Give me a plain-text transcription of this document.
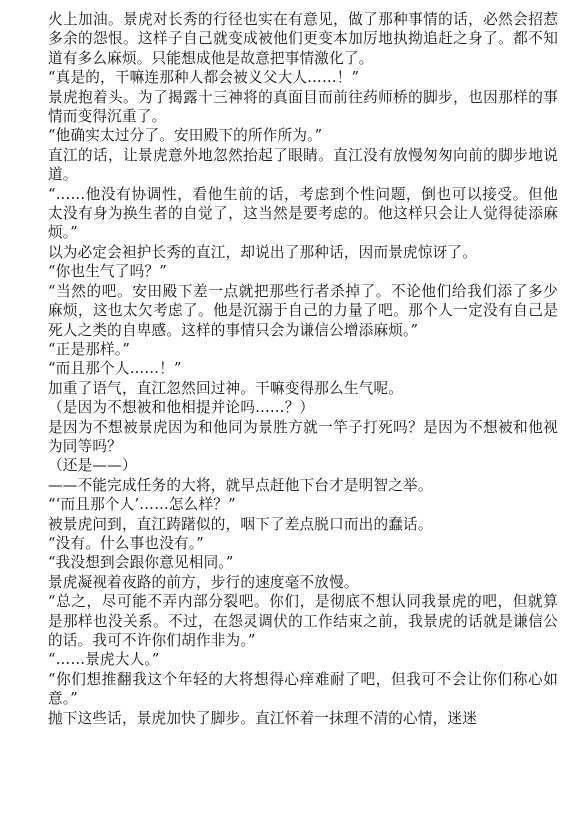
火上加油。景虎对长秀的行径也实在有意见，做了那种事情的话，必然会招惹多余的怨恨。这样子自己就变成被他们更变本加厉地执拗追赶之身了。都不知道有多么麻烦。只能想成他是故意把事情激化了。

“真是的，干嘛连那种人都会被义父大人……！”

景虎抱着头。为了揭露十三神将的真面目而前往药师桥的脚步，也因那样的事情而变得沉重了。

“他确实太过分了。安田殿下的所作所为。”

直江的话，让景虎意外地忽然抬起了眼睛。直江没有放慢匆匆向前的脚步地说道。

“……他没有协调性，看他生前的话，考虑到个性问题，倒也可以接受。但他太没有身为换生者的自觉了，这当然是要考虑的。他这样只会让人觉得徒添麻烦。”

以为必定会袒护长秀的直江，却说出了那种话，因而景虎惊讶了。

“你也生气了吗？”

“当然的吧。安田殿下差一点就把那些行者杀掉了。不论他们给我们添了多少麻烦，这也太欠考虑了。他是沉溺于自己的力量了吧。那个人一定没有自己是死人之类的自卑感。这样的事情只会为谦信公增添麻烦。”

“正是那样。”

“而且那个人……！”

加重了语气，直江忽然回过神。干嘛变得那么生气呢。

（是因为不想被和他相提并论吗……？）

是因为不想被景虎因为和他同为景胜方就一竿子打死吗？是因为不想被和他视为同等吗？

（还是——）

——不能完成任务的大将，就早点赶他下台才是明智之举。

“‘而且那个人’……怎么样？”

被景虎问到，直江踌躇似的，咽下了差点脱口而出的蠢话。

“没有。什么事也没有。”

“我没想到会跟你意见相同。”

景虎凝视着夜路的前方，步行的速度毫不放慢。

“总之，尽可能不弄内部分裂吧。你们，是彻底不想认同我景虎的吧，但就算是那样也没关系。不过，在怨灵调伏的工作结束之前，我景虎的话就是谦信公的话。我可不许你们胡作非为。”

“……景虎大人。”

“你们想推翻我这个年轻的大将想得心痒难耐了吧，但我可不会让你们称心如意。”

抛下这些话，景虎加快了脚步。直江怀着一抹理不清的心情，迷迷
